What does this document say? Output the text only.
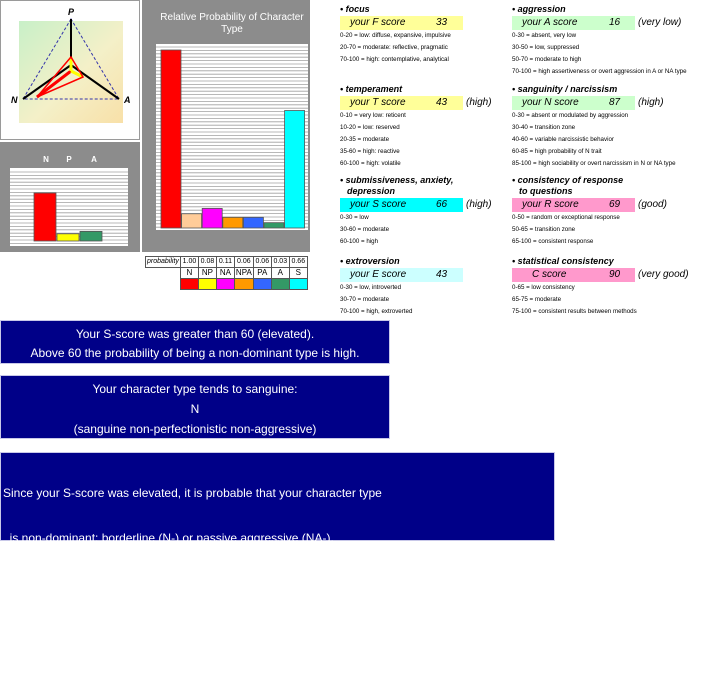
P
N	A
Relative Probability of Character Type
N	P	A
probability	1.00	0.08	0.11	0.06	0.06	0.03	0.66
	N	NP	NA	NPA	PA	A	S

• focus
your F score	33
0-20 = low: diffuse, expansive, impulsive
20-70 = moderate: reflective, pragmatic
70-100 = high: contemplative, analytical
• temperament
your T score	43 (high)
0-10 = very low: reticent
10-20 = low: reserved
20-35 = moderate
35-60 = high: reactive
60-100 = high: volatile
• submissiveness, anxiety,
depression
your S score	66 (high)
0-30 = low
30-60 = moderate
60-100 = high
• extroversion
your E score	43
0-30 = low, introverted
30-70 = moderate
70-100 = high, extroverted
• aggression
your A score	16 (very low)
0-30 = absent, very low
30-50 = low, suppressed
50-70 = moderate to high
70-100 = high assertiveness or overt aggression in A or NA type
• sanguinity / narcissism
your N score	87 (high)
0-30 = absent or modulated by aggression
30-40 = transition zone
40-60 = variable narcissistic behavior
60-85 = high probability of N trait
85-100 = high sociability or overt narcissism in N or NA type
• consistency of response
to questions
your R score	69 (good)
0-50 = random or exceptional response
50-65 = transition zone
65-100 = consistent response
• statistical consistency
C score	90 (very good)
0-65 = low consistency
65-75 = moderate
75-100 = consistent results between methods
Your S-score was greater than 60 (elevated).
Above 60 the probability of being a non-dominant type is high.
Your character type tends to sanguine:
N
(sanguine non-perfectionistic non-aggressive)

Since your S-score was elevated, it is probable that your character type

is non-dominant: borderline (N-) or passive aggressive (NA-).

The low A score may reflect an inhibited trait of aggression in “passive aggressive” types.
